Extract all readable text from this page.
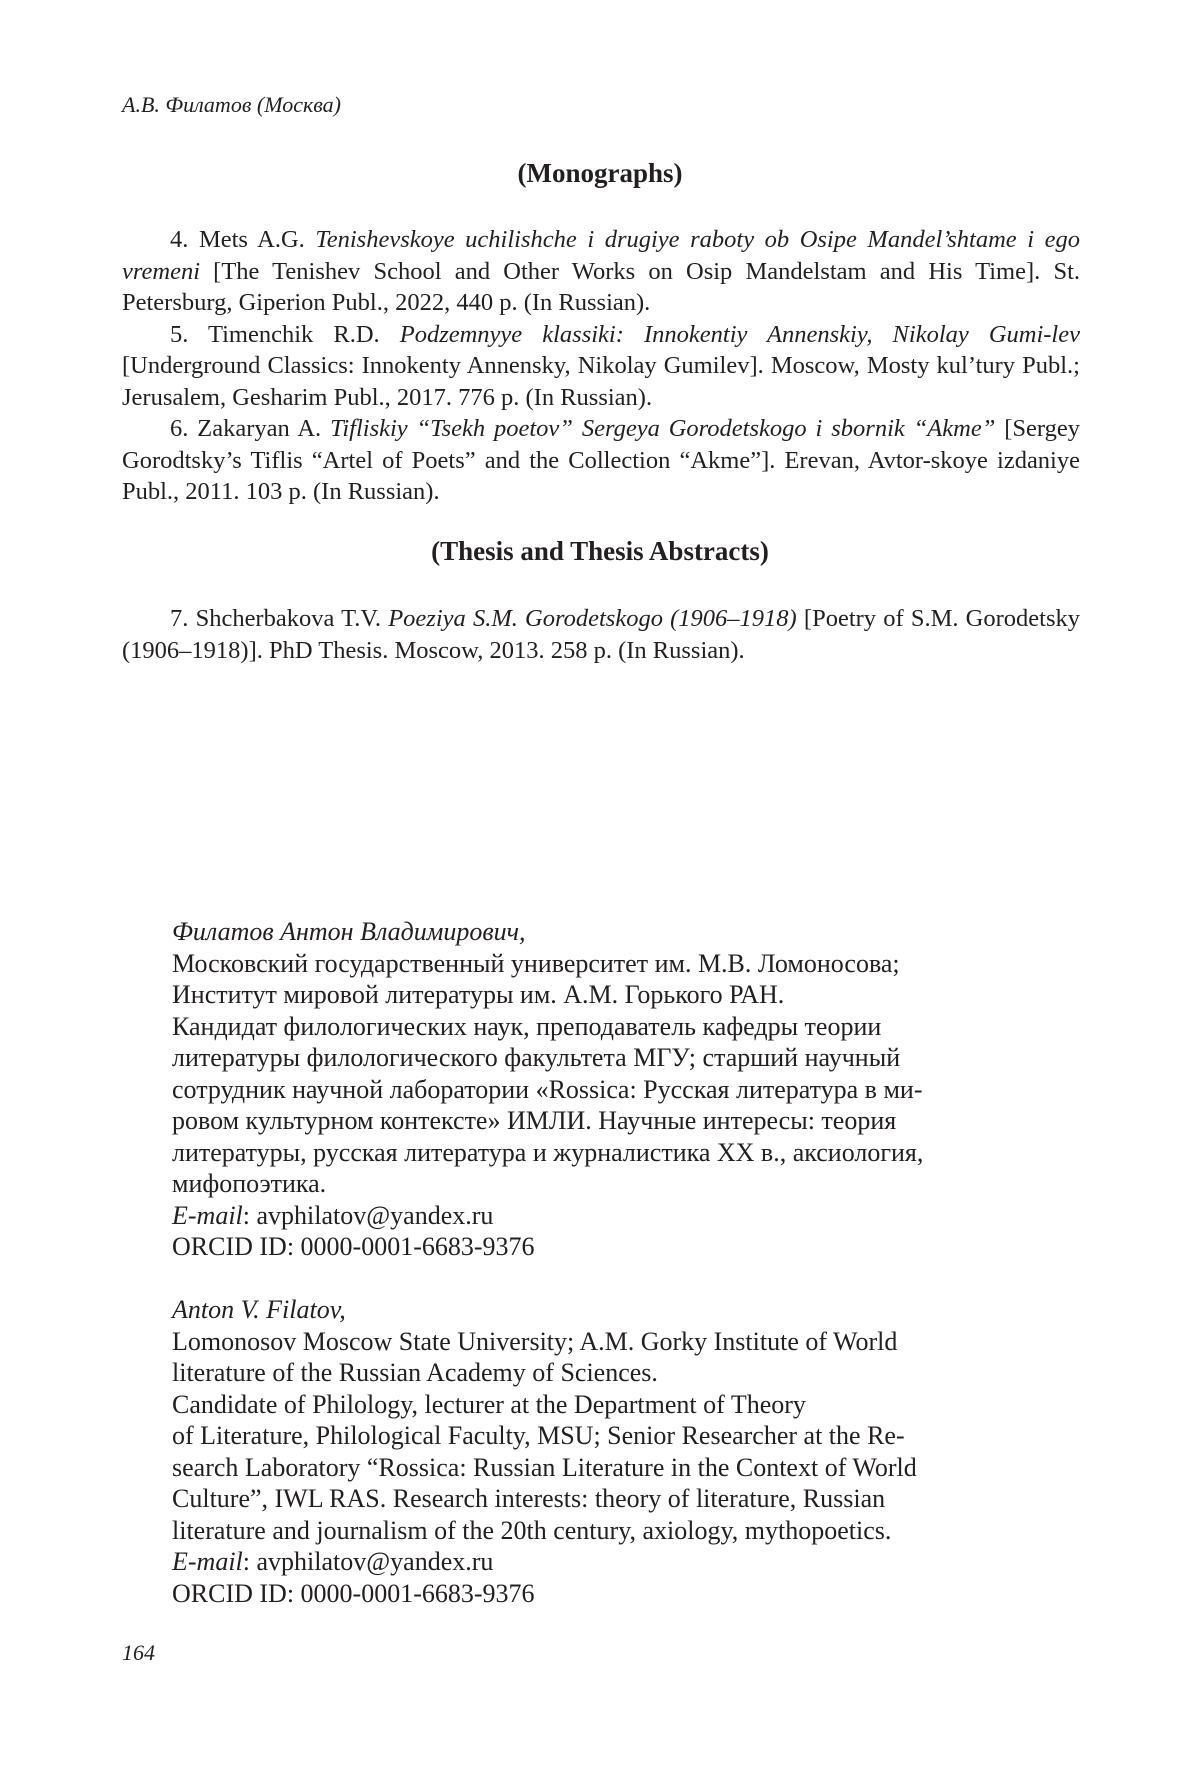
А.В. Филатов (Москва)
(Monographs)

4. Mets A.G. Tenishevskoye uchilishche i drugiye raboty ob Osipe Mandel’shtame i ego vremeni [The Tenishev School and Other Works on Osip Mandelstam and His Time]. St. Petersburg, Giperion Publ., 2022, 440 p. (In Russian).

5. Timenchik R.D. Podzemnyye klassiki: Innokentiy Annenskiy, Nikolay Gumi-lev [Underground Classics: Innokenty Annensky, Nikolay Gumilev]. Moscow, Mosty kul’tury Publ.; Jerusalem, Gesharim Publ., 2017. 776 p. (In Russian).

6. Zakaryan A. Tifliskiy “Tsekh poetov” Sergeya Gorodetskogo i sbornik “Akme” [Sergey Gorodtsky’s Tiflis “Artel of Poets” and the Collection “Akme”]. Erevan, Avtor-skoye izdaniye Publ., 2011. 103 p. (In Russian).

(Thesis and Thesis Abstracts)

7. Shcherbakova T.V. Poeziya S.M. Gorodetskogo (1906–1918) [Poetry of S.M. Gorodetsky (1906–1918)]. PhD Thesis. Moscow, 2013. 258 p. (In Russian).

Филатов Антон Владимирович,
Московский государственный университет им. М.В. Ломоносова;
Институт мировой литературы им. А.М. Горького РАН.
Кандидат филологических наук, преподаватель кафедры теории
литературы филологического факультета МГУ; старший научный
сотрудник научной лаборатории «Rossica: Русская литература в ми-
ровом культурном контексте» ИМЛИ. Научные интересы: теория
литературы, русская литература и журналистика XX в., аксиология,
мифопоэтика.
E-mail: avphilatov@yandex.ru
ORCID ID: 0000-0001-6683-9376
Anton V. Filatov,
Lomonosov Moscow State University; A.M. Gorky Institute of World
literature of the Russian Academy of Sciences.
Candidate of Philology, lecturer at the Department of Theory
of Literature, Philological Faculty, MSU; Senior Researcher at the Re-
search Laboratory “Rossica: Russian Literature in the Context of World
Culture”, IWL RAS. Research interests: theory of literature, Russian
literature and journalism of the 20th century, axiology, mythopoetics.
E-mail: avphilatov@yandex.ru
ORCID ID: 0000-0001-6683-9376
164
